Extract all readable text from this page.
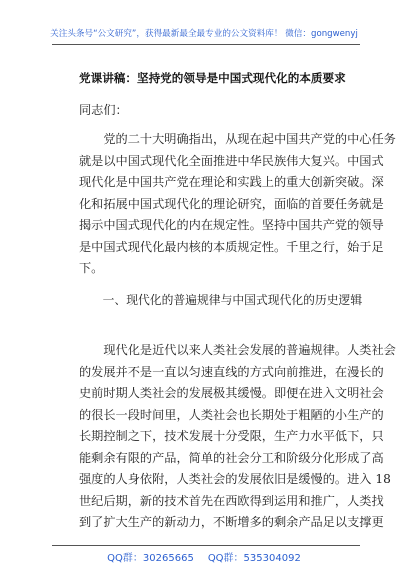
关注头条号“公文研究”，获得最新最全最专业的公文资料库！ 微信：gongwenyj
党课讲稿：坚持党的领导是中国式现代化的本质要求
同志们：
　　党的二十大明确指出，从现在起中国共产党的中心任务
就是以中国式现代化全面推进中华民族伟大复兴。中国式
现代化是中国共产党在理论和实践上的重大创新突破。深
化和拓展中国式现代化的理论研究，面临的首要任务就是
揭示中国式现代化的内在规定性。坚持中国共产党的领导
是中国式现代化最内核的本质规定性。千里之行，始于足
下。
　　一、现代化的普遍规律与中国式现代化的历史逻辑
　　现代化是近代以来人类社会发展的普遍规律。人类社会
的发展并不是一直以匀速直线的方式向前推进，在漫长的
史前时期人类社会的发展极其缓慢。即便在进入文明社会
的很长一段时间里，人类社会也长期处于粗陋的小生产的
长期控制之下，技术发展十分受限，生产力水平低下，只
能剩余有限的产品，简单的社会分工和阶级分化形成了高
强度的人身依附，人类社会的发展依旧是缓慢的。进入 18
世纪后期，新的技术首先在西欧得到运用和推广，人类找
到了扩大生产的新动力，不断增多的剩余产品足以支撑更
QQ群：30265665 QQ群：535304092
